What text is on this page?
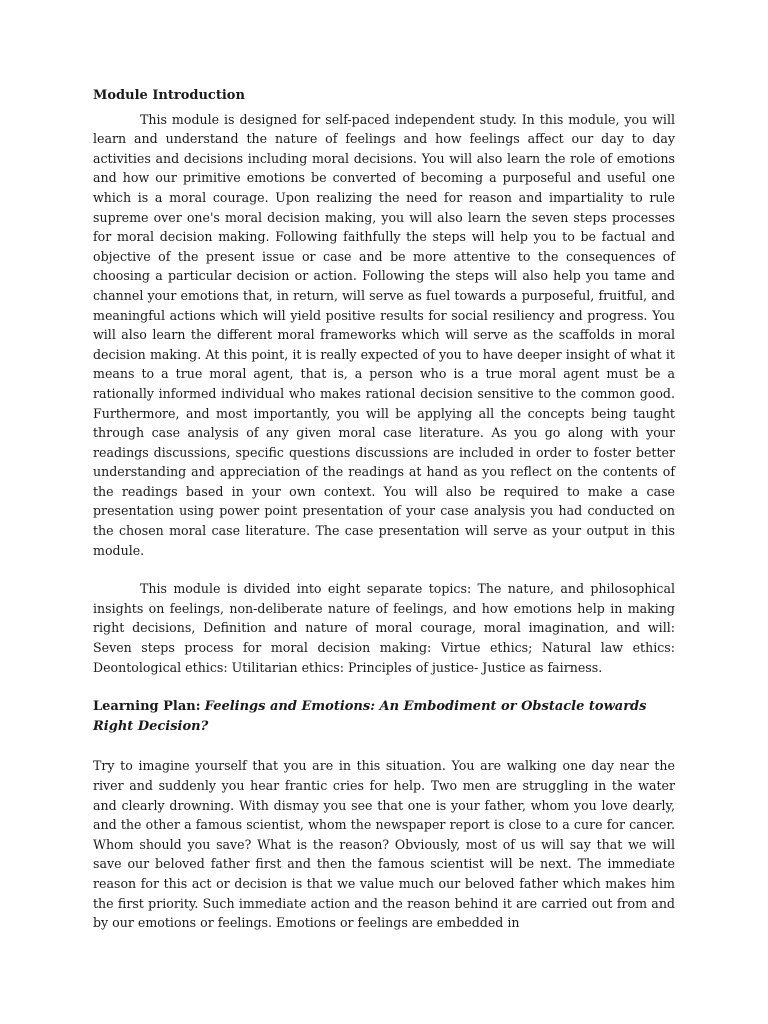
Module Introduction

This module is designed for self-paced independent study. In this module, you will learn and understand the nature of feelings and how feelings affect our day to day activities and decisions including moral decisions. You will also learn the role of emotions and how our primitive emotions be converted of becoming a purposeful and useful one which is a moral courage. Upon realizing the need for reason and impartiality to rule supreme over one's moral decision making, you will also learn the seven steps processes for moral decision making. Following faithfully the steps will help you to be factual and objective of the present issue or case and be more attentive to the consequences of choosing a particular decision or action. Following the steps will also help you tame and channel your emotions that, in return, will serve as fuel towards a purposeful, fruitful, and meaningful actions which will yield positive results for social resiliency and progress. You will also learn the different moral frameworks which will serve as the scaffolds in moral decision making. At this point, it is really expected of you to have deeper insight of what it means to a true moral agent, that is, a person who is a true moral agent must be a rationally informed individual who makes rational decision sensitive to the common good. Furthermore, and most importantly, you will be applying all the concepts being taught through case analysis of any given moral case literature. As you go along with your readings discussions, specific questions discussions are included in order to foster better understanding and appreciation of the readings at hand as you reflect on the contents of the readings based in your own context. You will also be required to make a case presentation using power point presentation of your case analysis you had conducted on the chosen moral case literature. The case presentation will serve as your output in this module.

This module is divided into eight separate topics: The nature, and philosophical insights on feelings, non-deliberate nature of feelings, and how emotions help in making right decisions, Definition and nature of moral courage, moral imagination, and will: Seven steps process for moral decision making: Virtue ethics; Natural law ethics: Deontological ethics: Utilitarian ethics: Principles of justice- Justice as fairness.

Learning Plan: Feelings and Emotions: An Embodiment or Obstacle towards Right Decision?

Try to imagine yourself that you are in this situation. You are walking one day near the river and suddenly you hear frantic cries for help. Two men are struggling in the water and clearly drowning. With dismay you see that one is your father, whom you love dearly, and the other a famous scientist, whom the newspaper report is close to a cure for cancer. Whom should you save? What is the reason? Obviously, most of us will say that we will save our beloved father first and then the famous scientist will be next. The immediate reason for this act or decision is that we value much our beloved father which makes him the first priority. Such immediate action and the reason behind it are carried out from and by our emotions or feelings. Emotions or feelings are embedded in
